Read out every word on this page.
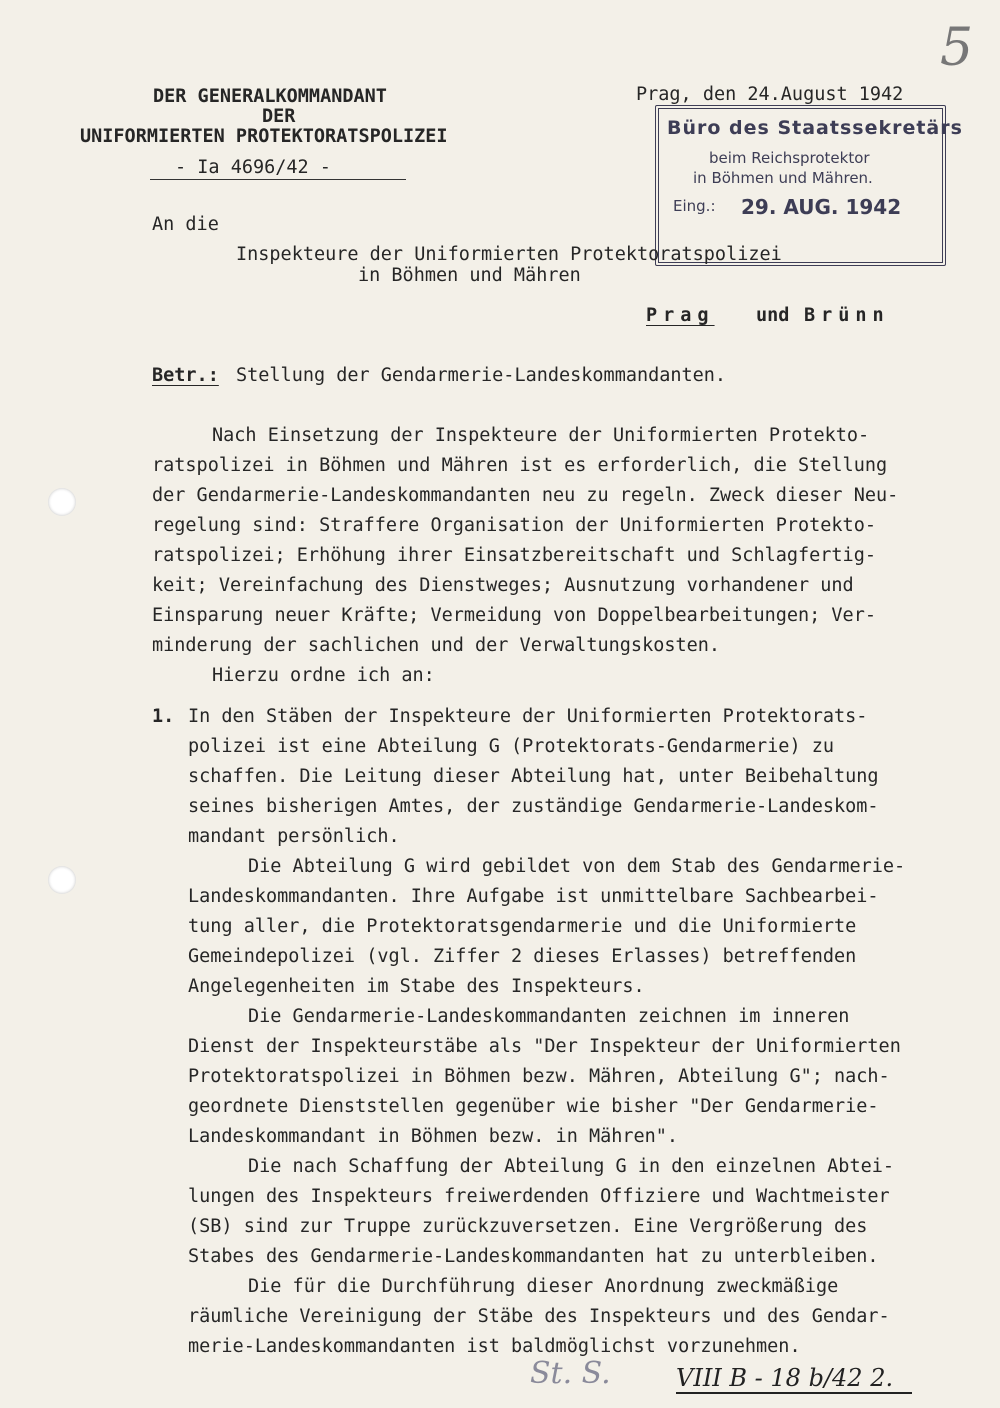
5
DER GENERALKOMMANDANT
DER
UNIFORMIERTEN PROTEKTORATSPOLIZEI
- Ia 4696/42 -
Prag, den 24.August 1942
Büro des Staatssekretärs
beim Reichsprotektor
in Böhmen und Mähren.
Eing.: 29. AUG. 1942
An die
Inspekteure der Uniformierten Protektoratspolizei
in Böhmen und Mähren
Prag und Brünn
Betr.: Stellung der Gendarmerie-Landeskommandanten.
Nach Einsetzung der Inspekteure der Uniformierten Protekto-
ratspolizei in Böhmen und Mähren ist es erforderlich, die Stellung
der Gendarmerie-Landeskommandanten neu zu regeln. Zweck dieser Neu-
regelung sind: Straffere Organisation der Uniformierten Protekto-
ratspolizei; Erhöhung ihrer Einsatzbereitschaft und Schlagfertig-
keit; Vereinfachung des Dienstweges; Ausnutzung vorhandener und
Einsparung neuer Kräfte; Vermeidung von Doppelbearbeitungen; Ver-
minderung der sachlichen und der Verwaltungskosten.
Hierzu ordne ich an:
1. In den Stäben der Inspekteure der Uniformierten Protektorats-
polizei ist eine Abteilung G (Protektorats-Gendarmerie) zu
schaffen. Die Leitung dieser Abteilung hat, unter Beibehaltung
seines bisherigen Amtes, der zuständige Gendarmerie-Landeskom-
mandant persönlich.
Die Abteilung G wird gebildet von dem Stab des Gendarmerie-
Landeskommandanten. Ihre Aufgabe ist unmittelbare Sachbearbei-
tung aller, die Protektoratsgendarmerie und die Uniformierte
Gemeindepolizei (vgl. Ziffer 2 dieses Erlasses) betreffenden
Angelegenheiten im Stabe des Inspekteurs.
Die Gendarmerie-Landeskommandanten zeichnen im inneren
Dienst der Inspekteurstäbe als "Der Inspekteur der Uniformierten
Protektoratspolizei in Böhmen bezw. Mähren, Abteilung G"; nach-
geordnete Dienststellen gegenüber wie bisher "Der Gendarmerie-
Landeskommandant in Böhmen bezw. in Mähren".
Die nach Schaffung der Abteilung G in den einzelnen Abtei-
lungen des Inspekteurs freiwerdenden Offiziere und Wachtmeister
(SB) sind zur Truppe zurückzuversetzen. Eine Vergrößerung des
Stabes des Gendarmerie-Landeskommandanten hat zu unterbleiben.
Die für die Durchführung dieser Anordnung zweckmäßige
räumliche Vereinigung der Stäbe des Inspekteurs und des Gendar-
merie-Landeskommandanten ist baldmöglichst vorzunehmen.
St. S.	VIII B - 18 b/42 2.
